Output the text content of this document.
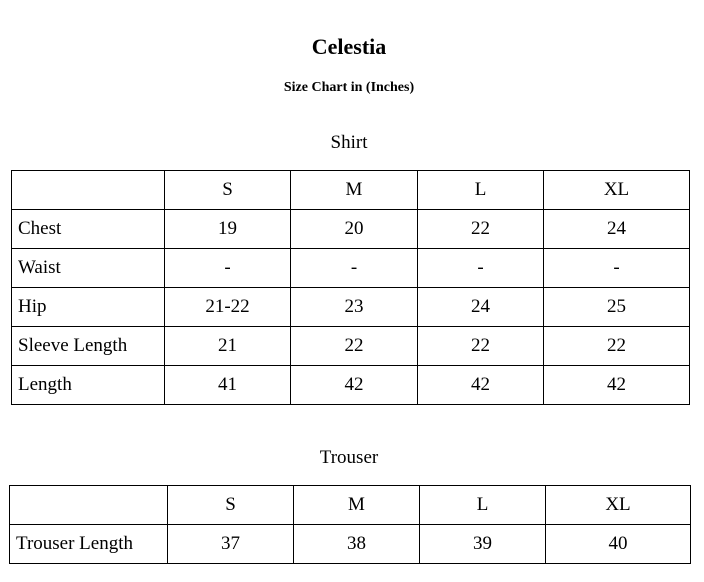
Celestia
Size Chart in (Inches)
Shirt
	S	M	L	XL
Chest	19	20	22	24
Waist	-	-	-	-
Hip	21-22	23	24	25
Sleeve Length	21	22	22	22
Length	41	42	42	42
Trouser
	S	M	L	XL
Trouser Length	37	38	39	40
